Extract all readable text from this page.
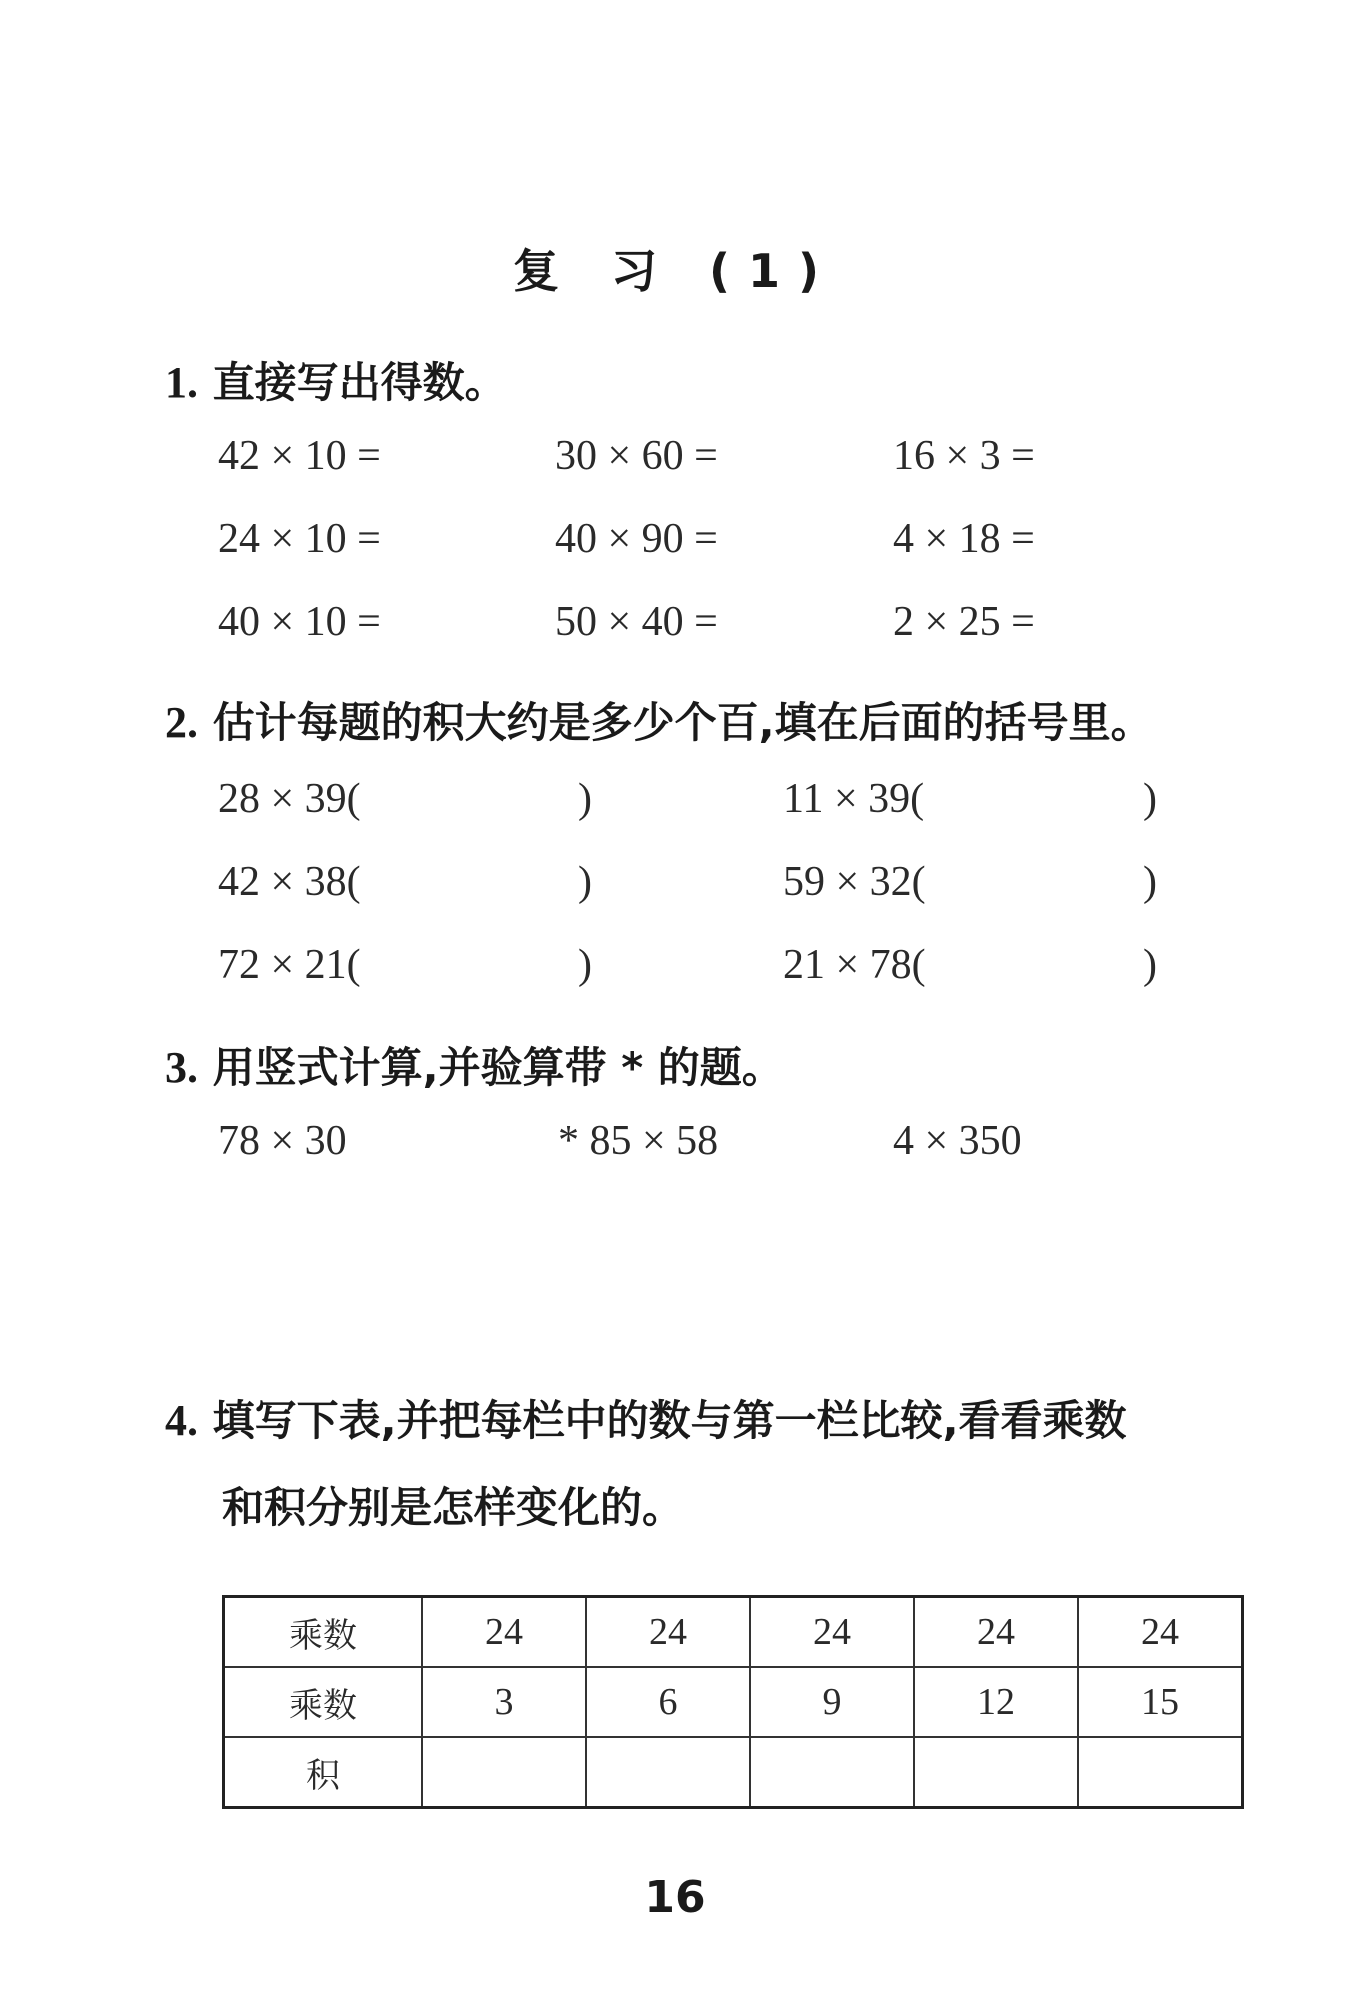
复 习 (1)
1. 直接写出得数。
42 × 10 =	30 × 60 =	16 × 3 =
24 × 10 =	40 × 90 =	4 × 18 =
40 × 10 =	50 × 40 =	2 × 25 =
2. 估计每题的积大约是多少个百,填在后面的括号里。
28 × 39(	)	11 × 39(	)
42 × 38(	)	59 × 32(	)
72 × 21(	)	21 × 78(	)
3. 用竖式计算,并验算带 * 的题。
78 × 30	* 85 × 58	4 × 350
4. 填写下表,并把每栏中的数与第一栏比较,看看乘数
和积分别是怎样变化的。
乘数	24	24	24	24	24
乘数	3	6	9	12	15
积					
16
